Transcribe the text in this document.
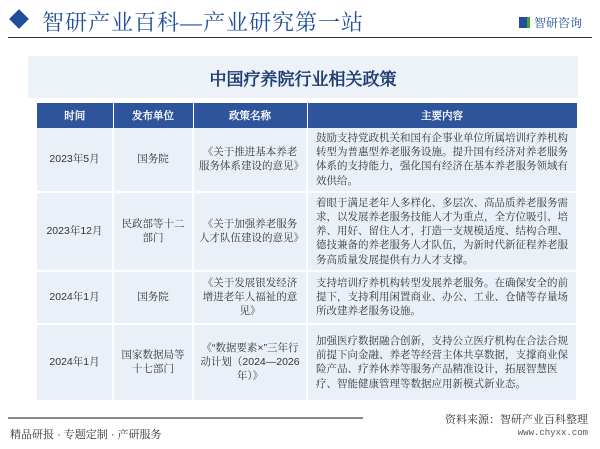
智研产业百科—产业研究第一站	智研咨询
中国疗养院行业相关政策
时间	发布单位	政策名称	主要内容
2023年5月	国务院	《关于推进基本养老服务体系建设的意见》	鼓励支持党政机关和国有企事业单位所属培训疗养机构转型为普惠型养老服务设施。提升国有经济对养老服务体系的支持能力，强化国有经济在基本养老服务领域有效供给。
2023年12月	民政部等十二部门	《关于加强养老服务人才队伍建设的意见》	着眼于满足老年人多样化、多层次、高品质养老服务需求，以发展养老服务技能人才为重点，全方位吸引、培养、用好、留住人才，打造一支规模适度、结构合理、德技兼备的养老服务人才队伍，为新时代新征程养老服务高质量发展提供有力人才支撑。
2024年1月	国务院	《关于发展银发经济增进老年人福祉的意见》	支持培训疗养机构转型发展养老服务。在确保安全的前提下，支持利用闲置商业、办公、工业、仓储等存量场所改建养老服务设施。
2024年1月	国家数据局等十七部门	《“数据要素×”三年行动计划（2024—2026年）》	加强医疗数据融合创新，支持公立医疗机构在合法合规前提下向金融、养老等经营主体共享数据，支撑商业保险产品、疗养休养等服务产品精准设计，拓展智慧医疗、智能健康管理等数据应用新模式新业态。
精品研报 · 专题定制 · 产研服务
资料来源：智研产业百科整理
www.chyxx.com
